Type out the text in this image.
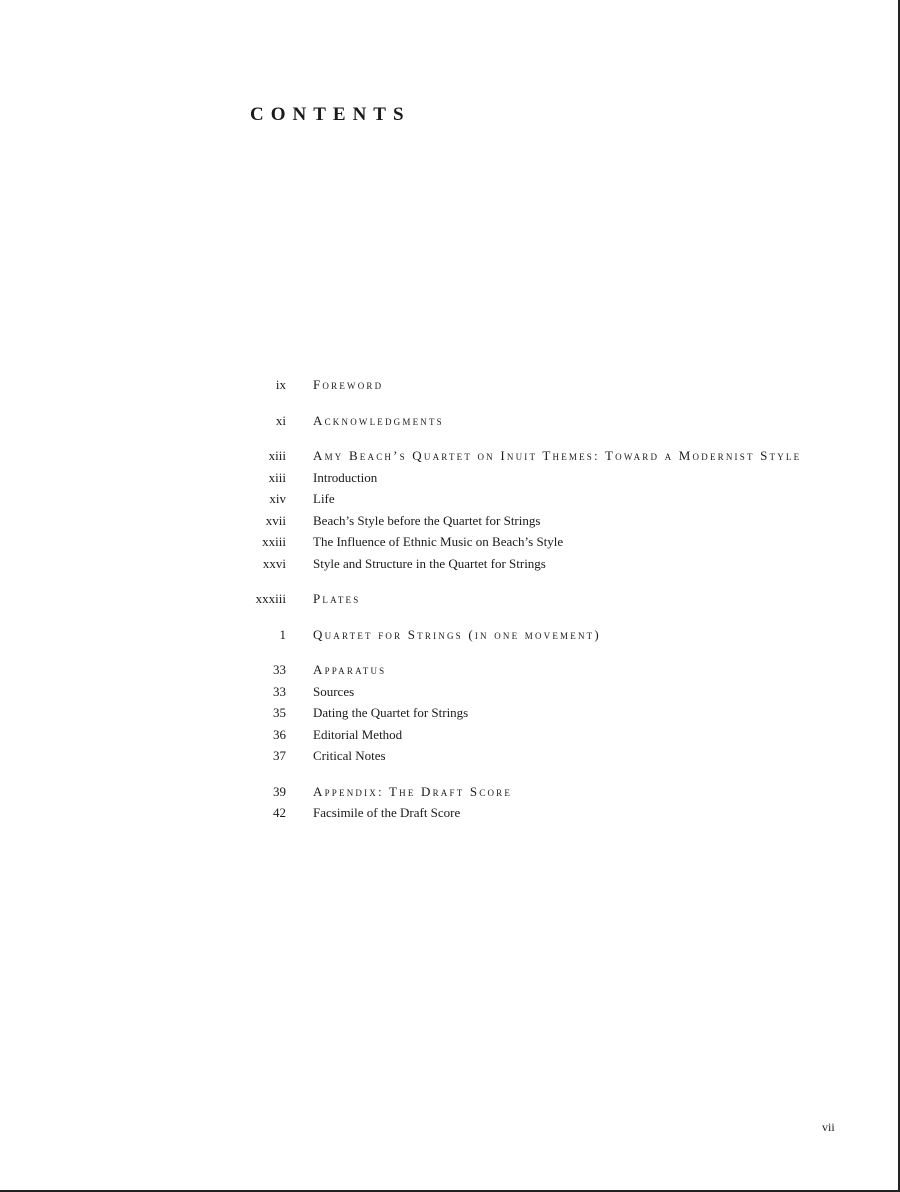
CONTENTS
ix Foreword
xi Acknowledgments
xiii Amy Beach’s Quartet on Inuit Themes: Toward a Modernist Style
xiii Introduction
xiv Life
xvii Beach’s Style before the Quartet for Strings
xxiii The Influence of Ethnic Music on Beach’s Style
xxvi Style and Structure in the Quartet for Strings
xxxiii Plates
1 Quartet for Strings (in one movement)
33 Apparatus
33 Sources
35 Dating the Quartet for Strings
36 Editorial Method
37 Critical Notes
39 Appendix: The Draft Score
42 Facsimile of the Draft Score
vii
